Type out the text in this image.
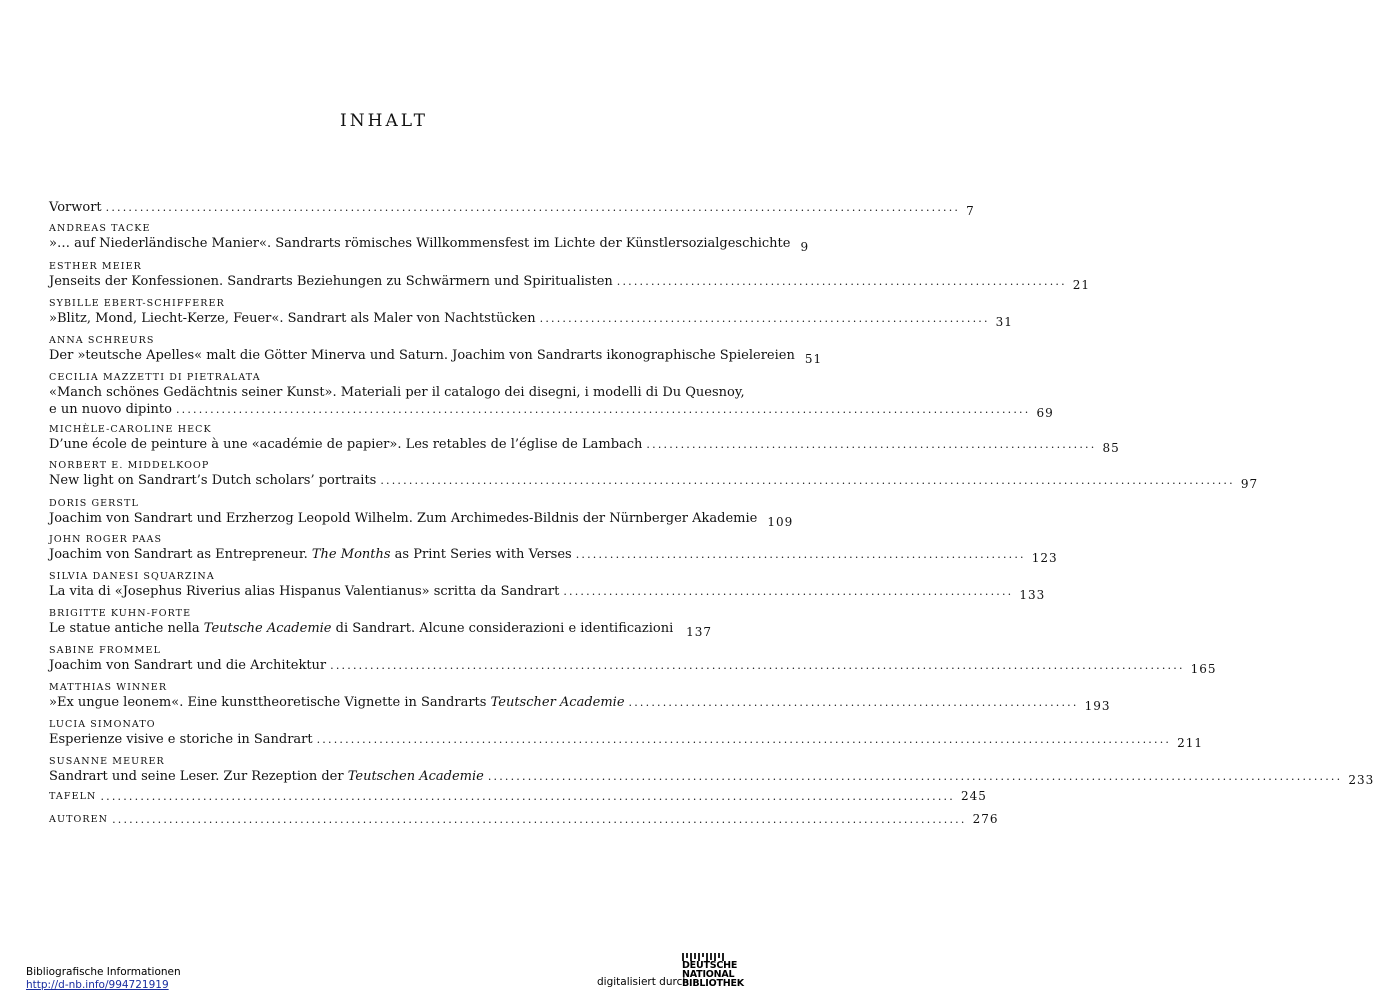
INHALT
Vorwort ...................................................................................................................................................... 7
ANDREAS TACKE
»… auf Niederländische Manier«. Sandrarts römisches Willkommensfest im Lichte der Künstlersozialgeschichte 9
ESTHER MEIER
Jenseits der Konfessionen. Sandrarts Beziehungen zu Schwärmern und Spiritualisten ............................................................................... 21
SYBILLE EBERT-SCHIFFERER
»Blitz, Mond, Liecht-Kerze, Feuer«. Sandrart als Maler von Nachtstücken ............................................................................... 31
ANNA SCHREURS
Der »teutsche Apelles« malt die Götter Minerva und Saturn. Joachim von Sandrarts ikonographische Spielereien 51
CECILIA MAZZETTI DI PIETRALATA
«Manch schönes Gedächtnis seiner Kunst». Materiali per il catalogo dei disegni, i modelli di Du Quesnoy,
e un nuovo dipinto ...................................................................................................................................................... 69
MICHÈLE-CAROLINE HECK
D’une école de peinture à une «académie de papier». Les retables de l’église de Lambach ............................................................................... 85
NORBERT E. MIDDELKOOP
New light on Sandrart’s Dutch scholars’ portraits ...................................................................................................................................................... 97
DORIS GERSTL
Joachim von Sandrart und Erzherzog Leopold Wilhelm. Zum Archimedes-Bildnis der Nürnberger Akademie 109
JOHN ROGER PAAS
Joachim von Sandrart as Entrepreneur. The Months as Print Series with Verses ............................................................................... 123
SILVIA DANESI SQUARZINA
La vita di «Josephus Riverius alias Hispanus Valentianus» scritta da Sandrart ............................................................................... 133
BRIGITTE KUHN-FORTE
Le statue antiche nella Teutsche Academie di Sandrart. Alcune considerazioni e identificazioni 137
SABINE FROMMEL
Joachim von Sandrart und die Architektur ...................................................................................................................................................... 165
MATTHIAS WINNER
»Ex ungue leonem«. Eine kunsttheoretische Vignette in Sandrarts Teutscher Academie ............................................................................... 193
LUCIA SIMONATO
Esperienze visive e storiche in Sandrart ...................................................................................................................................................... 211
SUSANNE MEURER
Sandrart und seine Leser. Zur Rezeption der Teutschen Academie ...................................................................................................................................................... 233
TAFELN ...................................................................................................................................................... 245
AUTOREN ...................................................................................................................................................... 276
Bibliografische Informationen
http://d-nb.info/994721919	digitalisiert durch
DEUTSCHE
NATIONAL
BIBLIOTHEK
